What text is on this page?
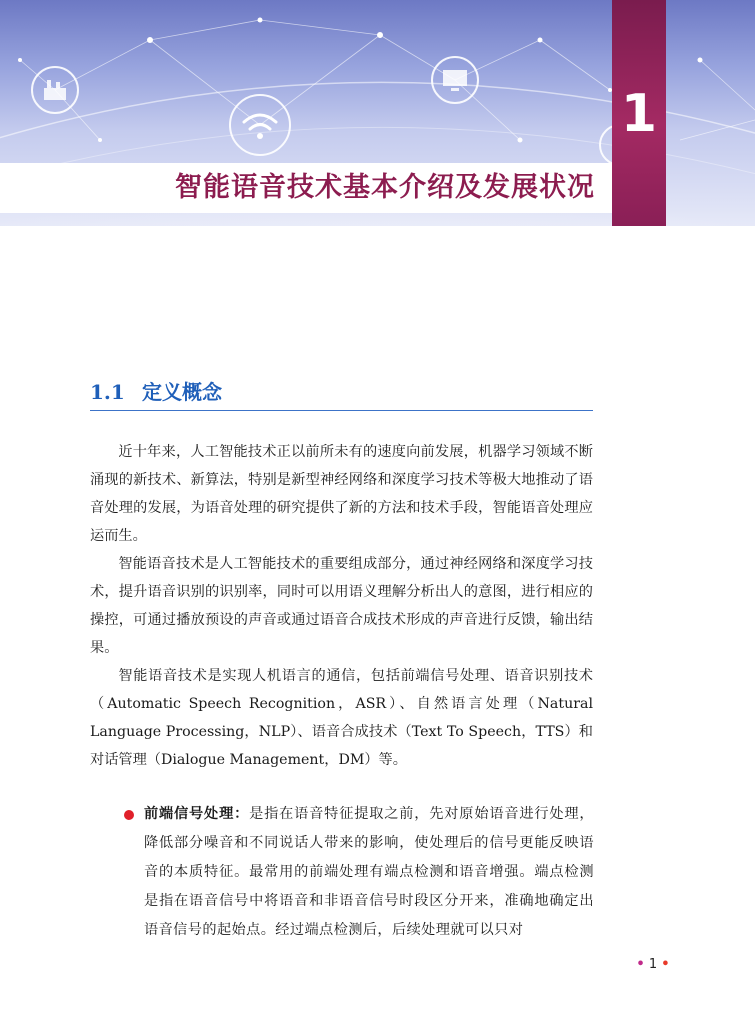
智能语音技术基本介绍及发展状况
1
1.1 定义概念

近十年来，人工智能技术正以前所未有的速度向前发展，机器学习领域不断涌现的新技术、新算法，特别是新型神经网络和深度学习技术等极大地推动了语音处理的发展，为语音处理的研究提供了新的方法和技术手段，智能语音处理应运而生。

智能语音技术是人工智能技术的重要组成部分，通过神经网络和深度学习技术，提升语音识别的识别率，同时可以用语义理解分析出人的意图，进行相应的操控，可通过播放预设的声音或通过语音合成技术形成的声音进行反馈，输出结果。

智能语音技术是实现人机语言的通信，包括前端信号处理、语音识别技术（Automatic Speech Recognition，ASR）、自然语言处理（Natural Language Processing，NLP）、语音合成技术（Text To Speech，TTS）和对话管理（Dialogue Management，DM）等。

前端信号处理：是指在语音特征提取之前，先对原始语音进行处理，降低部分噪音和不同说话人带来的影响，使处理后的信号更能反映语音的本质特征。最常用的前端处理有端点检测和语音增强。端点检测是指在语音信号中将语音和非语音信号时段区分开来，准确地确定出语音信号的起始点。经过端点检测后，后续处理就可以只对

• 1 •
